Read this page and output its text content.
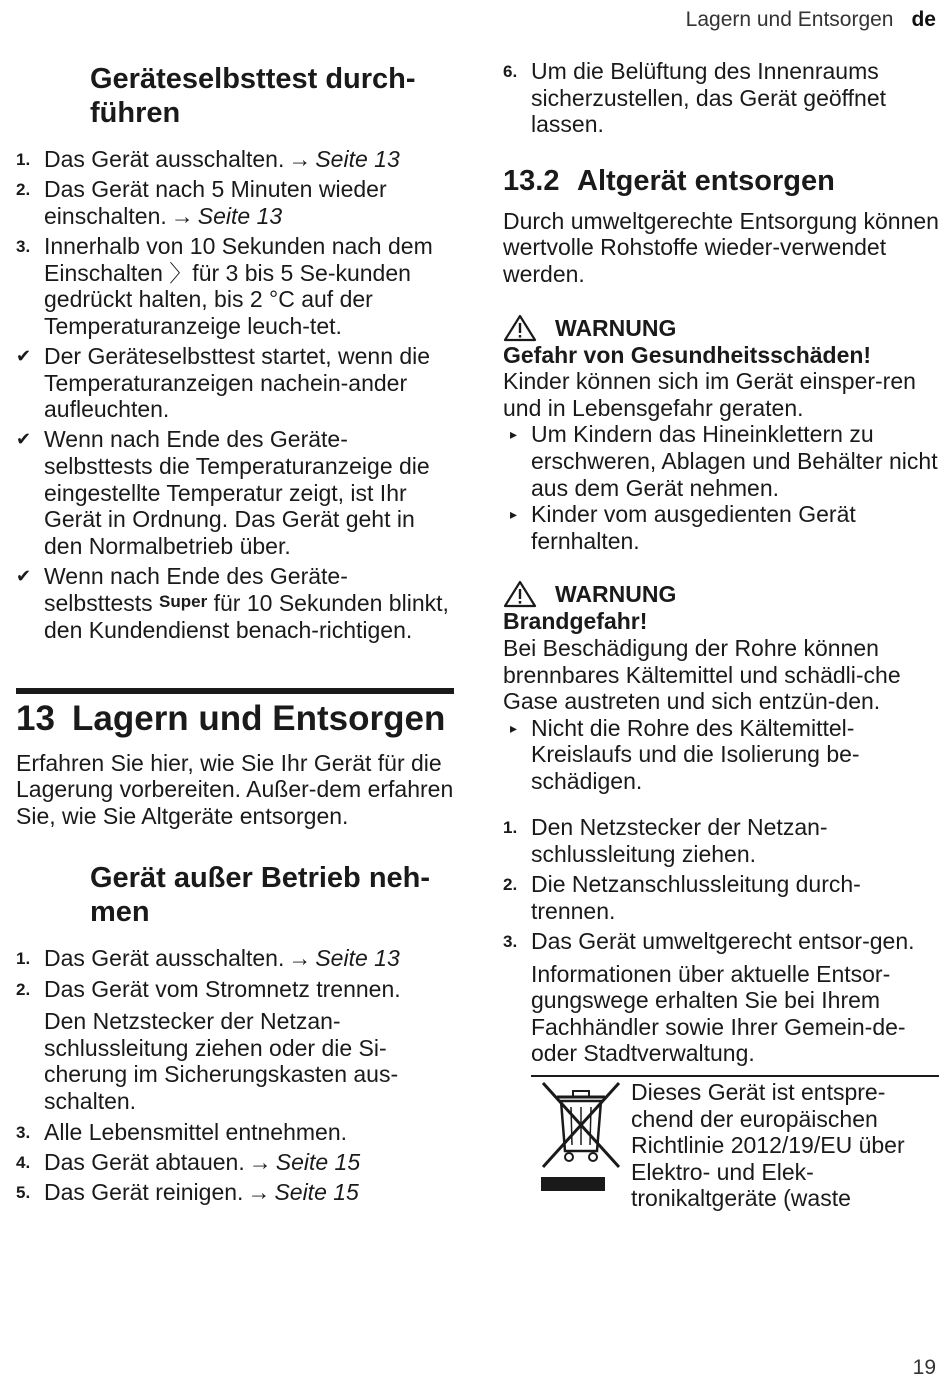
Lagern und Entsorgen de
Geräteselbsttest durch-führen
1. Das Gerät ausschalten. → Seite 13
2. Das Gerät nach 5 Minuten wieder einschalten. → Seite 13
3. Innerhalb von 10 Sekunden nach dem Einschalten 〉für 3 bis 5 Se-kunden gedrückt halten, bis 2 °C auf der Temperaturanzeige leuch-tet.
✔ Der Geräteselbsttest startet, wenn die Temperaturanzeigen nachein-ander aufleuchten.
✔ Wenn nach Ende des Geräte-selbsttests die Temperaturanzeige die eingestellte Temperatur zeigt, ist Ihr Gerät in Ordnung. Das Gerät geht in den Normalbetrieb über.
✔ Wenn nach Ende des Geräte-selbsttests Super für 10 Sekunden blinkt, den Kundendienst benach-richtigen.
13 Lagern und Entsorgen

Erfahren Sie hier, wie Sie Ihr Gerät für die Lagerung vorbereiten. Außer-dem erfahren Sie, wie Sie Altgeräte entsorgen.

Gerät außer Betrieb neh-men
1. Das Gerät ausschalten. → Seite 13
2. Das Gerät vom Stromnetz trennen.
Den Netzstecker der Netzan-schlussleitung ziehen oder die Si-cherung im Sicherungskasten aus-schalten.
3. Alle Lebensmittel entnehmen.
4. Das Gerät abtauen. → Seite 15
5. Das Gerät reinigen. → Seite 15
6. Um die Belüftung des Innenraums sicherzustellen, das Gerät geöffnet lassen.
13.2 Altgerät entsorgen

Durch umweltgerechte Entsorgung können wertvolle Rohstoffe wieder-verwendet werden.

WARNUNG
Gefahr von Gesundheitsschäden!

Kinder können sich im Gerät einsper-ren und in Lebensgefahr geraten.

▸ Um Kindern das Hineinklettern zu erschweren, Ablagen und Behälter nicht aus dem Gerät nehmen.
▸ Kinder vom ausgedienten Gerät fernhalten.
WARNUNG
Brandgefahr!

Bei Beschädigung der Rohre können brennbares Kältemittel und schädli-che Gase austreten und sich entzün-den.

▸ Nicht die Rohre des Kältemittel-Kreislaufs und die Isolierung be-schädigen.
1. Den Netzstecker der Netzan-schlussleitung ziehen.
2. Die Netzanschlussleitung durch-trennen.
3. Das Gerät umweltgerecht entsor-gen.
Informationen über aktuelle Entsor-gungswege erhalten Sie bei Ihrem Fachhändler sowie Ihrer Gemein-de- oder Stadtverwaltung.
Dieses Gerät ist entspre-chend der europäischen Richtlinie 2012/19/EU über Elektro- und Elek-tronikaltgeräte (waste
19
